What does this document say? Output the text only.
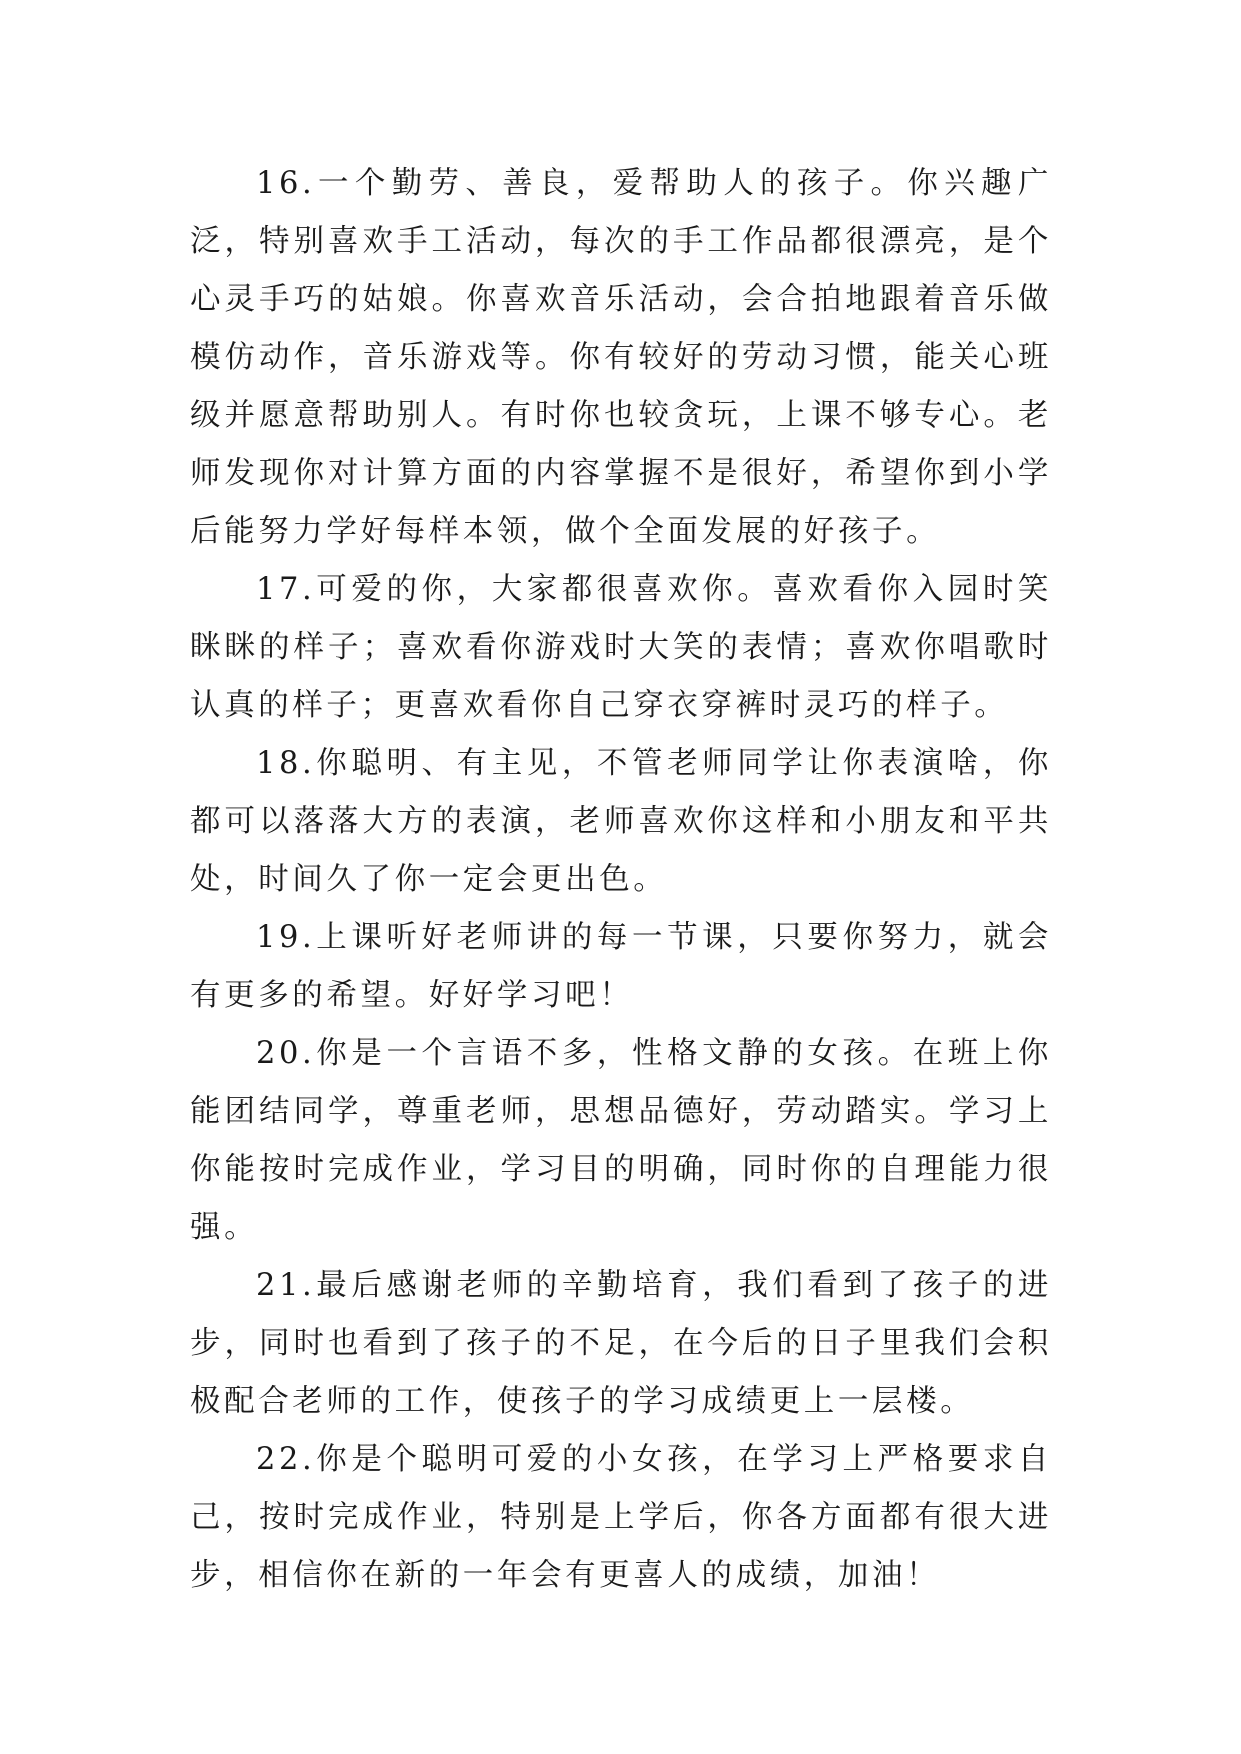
16.一个勤劳、善良，爱帮助人的孩子。你兴趣广泛，特别喜欢手工活动，每次的手工作品都很漂亮，是个心灵手巧的姑娘。你喜欢音乐活动，会合拍地跟着音乐做模仿动作，音乐游戏等。你有较好的劳动习惯，能关心班级并愿意帮助别人。有时你也较贪玩，上课不够专心。老师发现你对计算方面的内容掌握不是很好，希望你到小学后能努力学好每样本领，做个全面发展的好孩子。

17.可爱的你，大家都很喜欢你。喜欢看你入园时笑眯眯的样子；喜欢看你游戏时大笑的表情；喜欢你唱歌时认真的样子；更喜欢看你自己穿衣穿裤时灵巧的样子。

18.你聪明、有主见，不管老师同学让你表演啥，你都可以落落大方的表演，老师喜欢你这样和小朋友和平共处，时间久了你一定会更出色。

19.上课听好老师讲的每一节课，只要你努力，就会有更多的希望。好好学习吧！

20.你是一个言语不多，性格文静的女孩。在班上你能团结同学，尊重老师，思想品德好，劳动踏实。学习上你能按时完成作业，学习目的明确，同时你的自理能力很强。

21.最后感谢老师的辛勤培育，我们看到了孩子的进步，同时也看到了孩子的不足，在今后的日子里我们会积极配合老师的工作，使孩子的学习成绩更上一层楼。

22.你是个聪明可爱的小女孩，在学习上严格要求自己，按时完成作业，特别是上学后，你各方面都有很大进步，相信你在新的一年会有更喜人的成绩，加油！
